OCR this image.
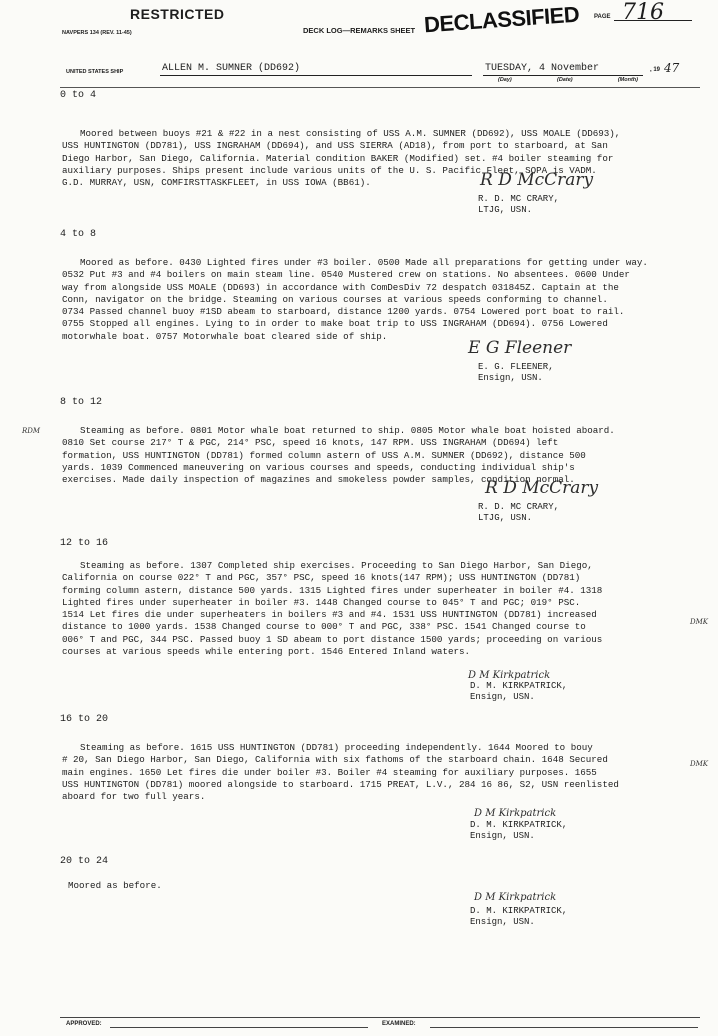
RESTRICTED
NAVPERS 134 (REV. 11-45)	DECK LOG—REMARKS SHEET DECLASSIFIED PAGE 716
UNITED STATES SHIP	ALLEN M. SUMNER (DD692)	TUESDAY, 4 November
(Day)	(Date)	(Month)
, 19 47
0 to 4
Moored between buoys #21 & #22 in a nest consisting of USS A.M. SUMNER (DD692), USS MOALE (DD693),
USS HUNTINGTON (DD781), USS INGRAHAM (DD694), and USS SIERRA (AD18), from port to starboard, at San
Diego Harbor, San Diego, California. Material condition BAKER (Modified) set. #4 boiler steaming for
auxiliary purposes. Ships present include various units of the U. S. Pacific Fleet, SOPA is VADM.
G.D. MURRAY, USN, COMFIRSTTASKFLEET, in USS IOWA (BB61).	R D McCrary
R. D. MC CRARY,
LTJG, USN.
4 to 8
Moored as before. 0430 Lighted fires under #3 boiler. 0500 Made all preparations for getting under way.
0532 Put #3 and #4 boilers on main steam line. 0540 Mustered crew on stations. No absentees. 0600 Under
way from alongside USS MOALE (DD693) in accordance with ComDesDiv 72 despatch 031845Z. Captain at the
Conn, navigator on the bridge. Steaming on various courses at various speeds conforming to channel.
0734 Passed channel buoy #1SD abeam to starboard, distance 1200 yards. 0754 Lowered port boat to rail.
0755 Stopped all engines. Lying to in order to make boat trip to USS INGRAHAM (DD694). 0756 Lowered
motorwhale boat. 0757 Motorwhale boat cleared side of ship.
E G Fleener
E. G. FLEENER,
Ensign, USN.
8 to 12
RDM	Steaming as before. 0801 Motor whale boat returned to ship. 0805 Motor whale boat hoisted aboard.
0810 Set course 217° T & PGC, 214° PSC, speed 16 knots, 147 RPM. USS INGRAHAM (DD694) left
formation, USS HUNTINGTON (DD781) formed column astern of USS A.M. SUMNER (DD692), distance 500
yards. 1039 Commenced maneuvering on various courses and speeds, conducting individual ship's
exercises. Made daily inspection of magazines and smokeless powder samples, condition normal.
R D McCrary
R. D. MC CRARY,
LTJG, USN.
12 to 16
DMK
Steaming as before. 1307 Completed ship exercises. Proceeding to San Diego Harbor, San Diego,
California on course 022° T and PGC, 357° PSC, speed 16 knots(147 RPM); USS HUNTINGTON (DD781)
forming column astern, distance 500 yards. 1315 Lighted fires under superheater in boiler #4. 1318
Lighted fires under superheater in boiler #3. 1448 Changed course to 045° T and PGC; 019° PSC.
1514 Let fires die under superheaters in boilers #3 and #4. 1531 USS HUNTINGTON (DD781) increased
distance to 1000 yards. 1538 Changed course to 000° T and PGC, 338° PSC. 1541 Changed course to
006° T and PGC, 344 PSC. Passed buoy 1 SD abeam to port distance 1500 yards; proceeding on various
courses at various speeds while entering port. 1546 Entered Inland waters.
D M Kirkpatrick
D. M. KIRKPATRICK,
Ensign, USN.
16 to 20
DMK
Steaming as before. 1615 USS HUNTINGTON (DD781) proceeding independently. 1644 Moored to bouy
# 20, San Diego Harbor, San Diego, California with six fathoms of the starboard chain. 1648 Secured
main engines. 1650 Let fires die under boiler #3. Boiler #4 steaming for auxiliary purposes. 1655
USS HUNTINGTON (DD781) moored alongside to starboard. 1715 PREAT, L.V., 284 16 86, S2, USN reenlisted
aboard for two full years.
D M Kirkpatrick
D. M. KIRKPATRICK,
Ensign, USN.
20 to 24
Moored as before.
D M Kirkpatrick
D. M. KIRKPATRICK,
Ensign, USN.
APPROVED:	EXAMINED:
